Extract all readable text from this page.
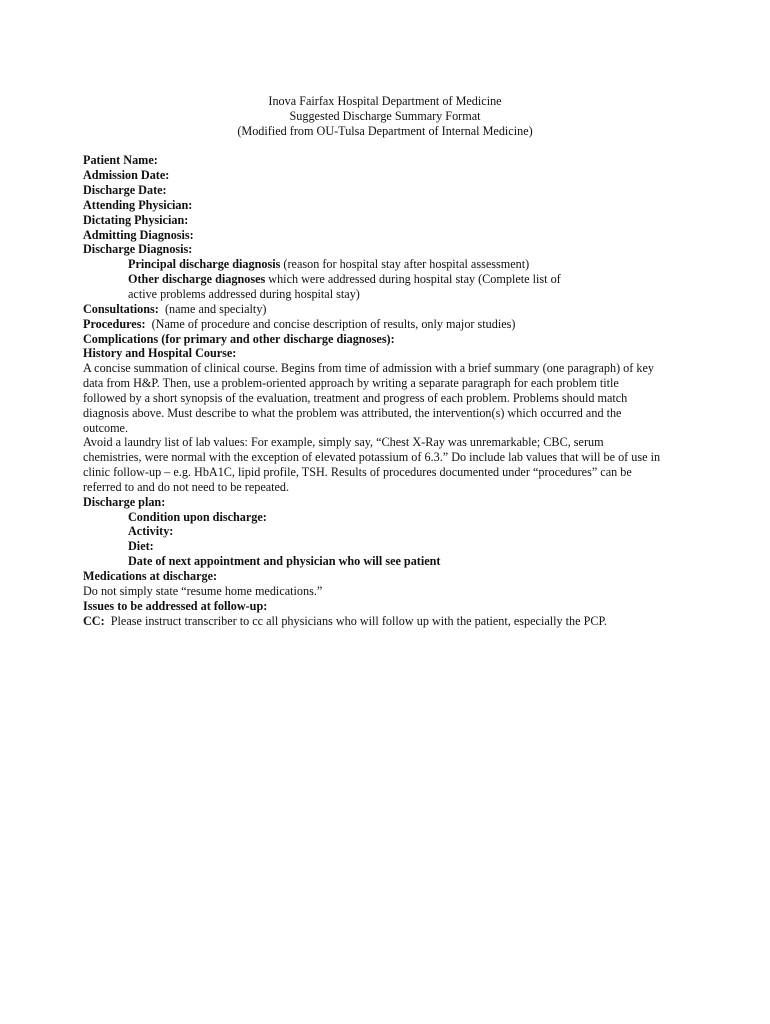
Inova Fairfax Hospital Department of Medicine
Suggested Discharge Summary Format
(Modified from OU-Tulsa Department of Internal Medicine)
Patient Name:
Admission Date:
Discharge Date:
Attending Physician:
Dictating Physician:
Admitting Diagnosis:
Discharge Diagnosis:
Principal discharge diagnosis (reason for hospital stay after hospital assessment)
Other discharge diagnoses which were addressed during hospital stay (Complete list of
active problems addressed during hospital stay)
Consultations:  (name and specialty)
Procedures:  (Name of procedure and concise description of results, only major studies)
Complications (for primary and other discharge diagnoses):
History and Hospital Course:
A concise summation of clinical course. Begins from time of admission with a brief summary (one paragraph) of key
data from H&P. Then, use a problem-oriented approach by writing a separate paragraph for each problem title
followed by a short synopsis of the evaluation, treatment and progress of each problem. Problems should match
diagnosis above. Must describe to what the problem was attributed, the intervention(s) which occurred and the
outcome.
Avoid a laundry list of lab values: For example, simply say, “Chest X-Ray was unremarkable; CBC, serum
chemistries, were normal with the exception of elevated potassium of 6.3.” Do include lab values that will be of use in
clinic follow-up – e.g. HbA1C, lipid profile, TSH. Results of procedures documented under “procedures” can be
referred to and do not need to be repeated.
Discharge plan:
Condition upon discharge:
Activity:
Diet:
Date of next appointment and physician who will see patient
Medications at discharge:
Do not simply state “resume home medications.”
Issues to be addressed at follow-up:
CC:  Please instruct transcriber to cc all physicians who will follow up with the patient, especially the PCP.
